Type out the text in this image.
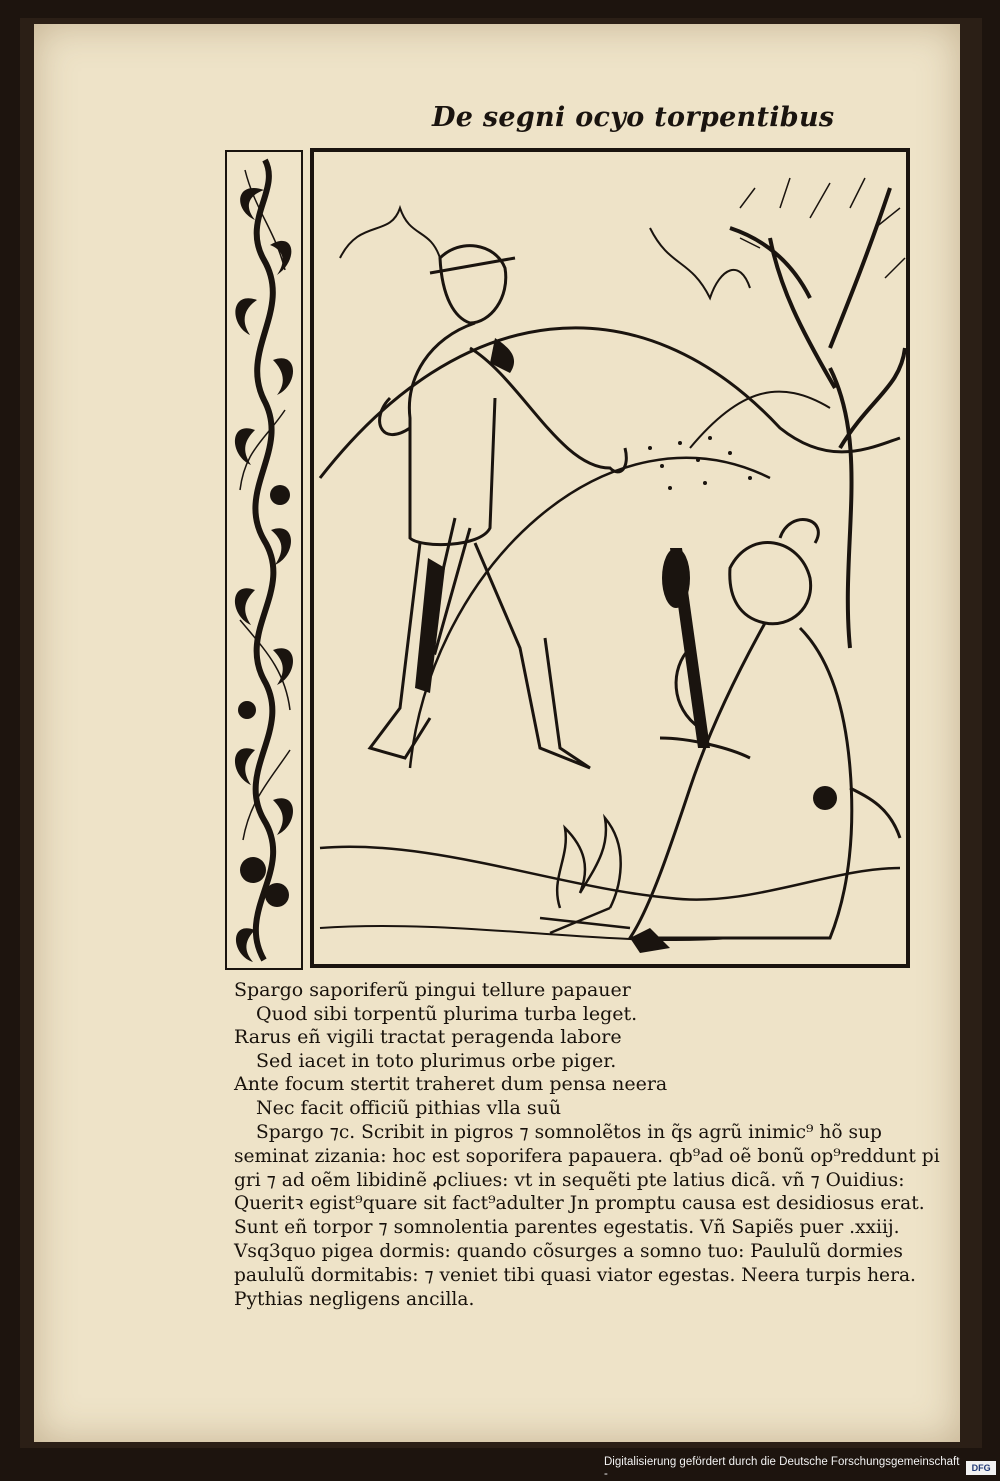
De segni ocyo torpentibus
Spargo saporiferũ pingui tellure papauer
Quod sibi torpentũ plurima turba leget.
Rarus eñ vigili tractat peragenda labore
Sed iacet in toto plurimus orbe piger.
Ante focum stertit traheret dum pensa neera
Nec facit officiũ pithias vlla suũ
Spargo ⁊c. Scribit in pigros ⁊ somnolẽtos in q̃s agrũ inimic⁹ hõ sup
seminat zizania: hoc est soporifera papauera. qb⁹ad oẽ bonũ op⁹reddunt pi
gri ⁊ ad oẽm libidinẽ ꝓcliues: vt in sequẽti pte latius dicã. vñ ⁊ Ouidius:
Queritꝛ egist⁹quare sit fact⁹adulter Jn promptu causa est desidiosus erat.
Sunt eñ torpor ⁊ somnolentia parentes egestatis. Vñ Sapiẽs puer .xxiij.
Vsq3quo pigea dormis: quando cõsurges a somno tuo: Paululũ dormies
paululũ dormitabis: ⁊ veniet tibi quasi viator egestas. Neera turpis hera.
Pythias negligens ancilla.
Digitalisierung gefördert durch die Deutsche Forschungsgemeinschaft -	DFG
